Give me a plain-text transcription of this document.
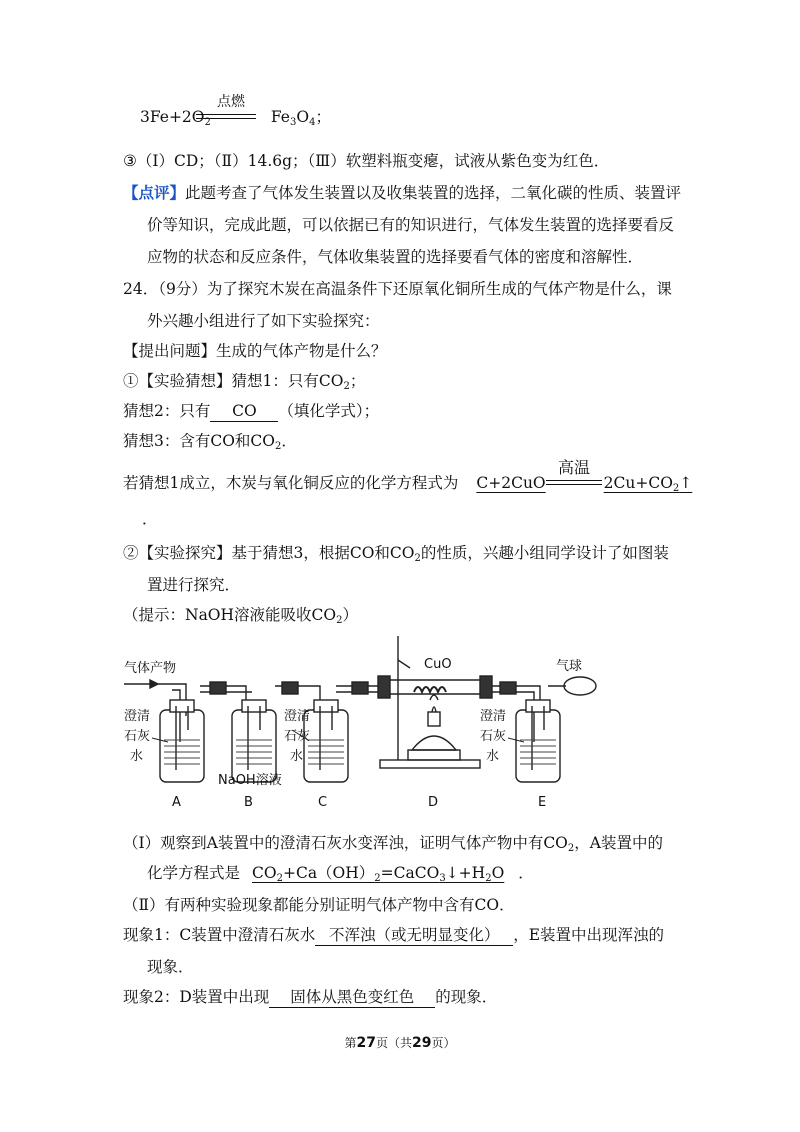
点燃
$3Fe+2O_2$	$Fe_3O_4$；
③（Ⅰ）CD；（Ⅱ）14.6g；（Ⅲ）软塑料瓶变瘪，试液从紫色变为红色．
【点评】此题考查了气体发生装置以及收集装置的选择，二氧化碳的性质、装置评
价等知识，完成此题，可以依据已有的知识进行，气体发生装置的选择要看反
应物的状态和反应条件，气体收集装置的选择要看气体的密度和溶解性．
24．（9分）为了探究木炭在高温条件下还原氧化铜所生成的气体产物是什么，课
外兴趣小组进行了如下实验探究：
【提出问题】生成的气体产物是什么？
①【实验猜想】猜想1：只有$CO_2$；
猜想2：只有 CO （填化学式）；
猜想3：含有CO和$CO_2$．
高温
若猜想1成立，木炭与氧化铜反应的化学方程式为 C+2CuO	$2Cu+CO_2↑$
．
②【实验探究】基于猜想3，根据CO和$CO_2$的性质，兴趣小组同学设计了如图装
置进行探究．
（提示：NaOH溶液能吸收$CO_2$）
气体产物	CuO	气球
澄清
石灰
水
澄清
石灰
水
澄清
石灰
水
NaOH溶液
A	B	C	D	E
（Ⅰ）观察到A装置中的澄清石灰水变浑浊，证明气体产物中有$CO_2$，A装置中的
化学方程式是 $CO_2+Ca(OH)_2=CaCO_3↓+H_2O$ ．
（Ⅱ）有两种实验现象都能分别证明气体产物中含有CO．
现象1：C装置中澄清石灰水 不浑浊（或无明显变化） ，E装置中出现浑浊的
现象．
现象2：D装置中出现 固体从黑色变红色 的现象．
第27页（共29页）
